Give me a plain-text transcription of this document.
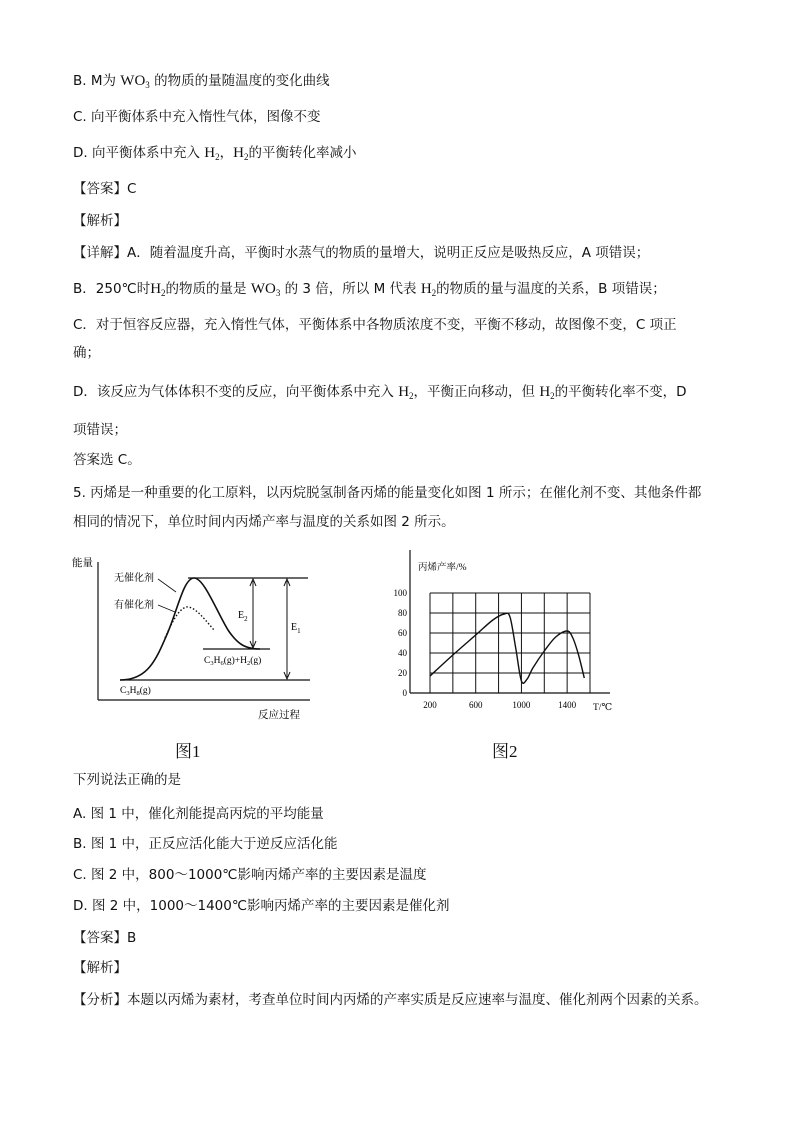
B. M为 $WO_3$ 的物质的量随温度的变化曲线
C. 向平衡体系中充入惰性气体，图像不变
D. 向平衡体系中充入 $H_2$，$H_2$的平衡转化率减小
【答案】C
【解析】
【详解】A．随着温度升高，平衡时水蒸气的物质的量增大，说明正反应是吸热反应，A 项错误；
B．250℃时$H_2$的物质的量是 $WO_3$ 的 3 倍，所以 M 代表 $H_2$的物质的量与温度的关系，B 项错误；
C．对于恒容反应器，充入惰性气体，平衡体系中各物质浓度不变，平衡不移动，故图像不变，C 项正
确；
D．该反应为气体体积不变的反应，向平衡体系中充入 $H_2$，平衡正向移动，但 $H_2$的平衡转化率不变，D
项错误；
答案选 C。
5. 丙烯是一种重要的化工原料，以丙烷脱氢制备丙烯的能量变化如图 1 所示；在催化剂不变、其他条件都
相同的情况下，单位时间内丙烯产率与温度的关系如图 2 所示。
下列说法正确的是
A. 图 1 中，催化剂能提高丙烷的平均能量
B. 图 1 中，正反应活化能大于逆反应活化能
C. 图 2 中，800～1000℃影响丙烯产率的主要因素是温度
D. 图 2 中，1000～1400℃影响丙烯产率的主要因素是催化剂
【答案】B
【解析】
【分析】本题以丙烯为素材，考查单位时间内丙烯的产率实质是反应速率与温度、催化剂两个因素的关系。
能量
反应过程
无催化剂
有催化剂
$E_2$
$E_1$
$C_3H_6(g)+H_2(g)$
$C_3H_8(g)$
图1
丙烯产率/%
T/℃
0
20
40
60
80
100
200	600	1000	1400
图2
